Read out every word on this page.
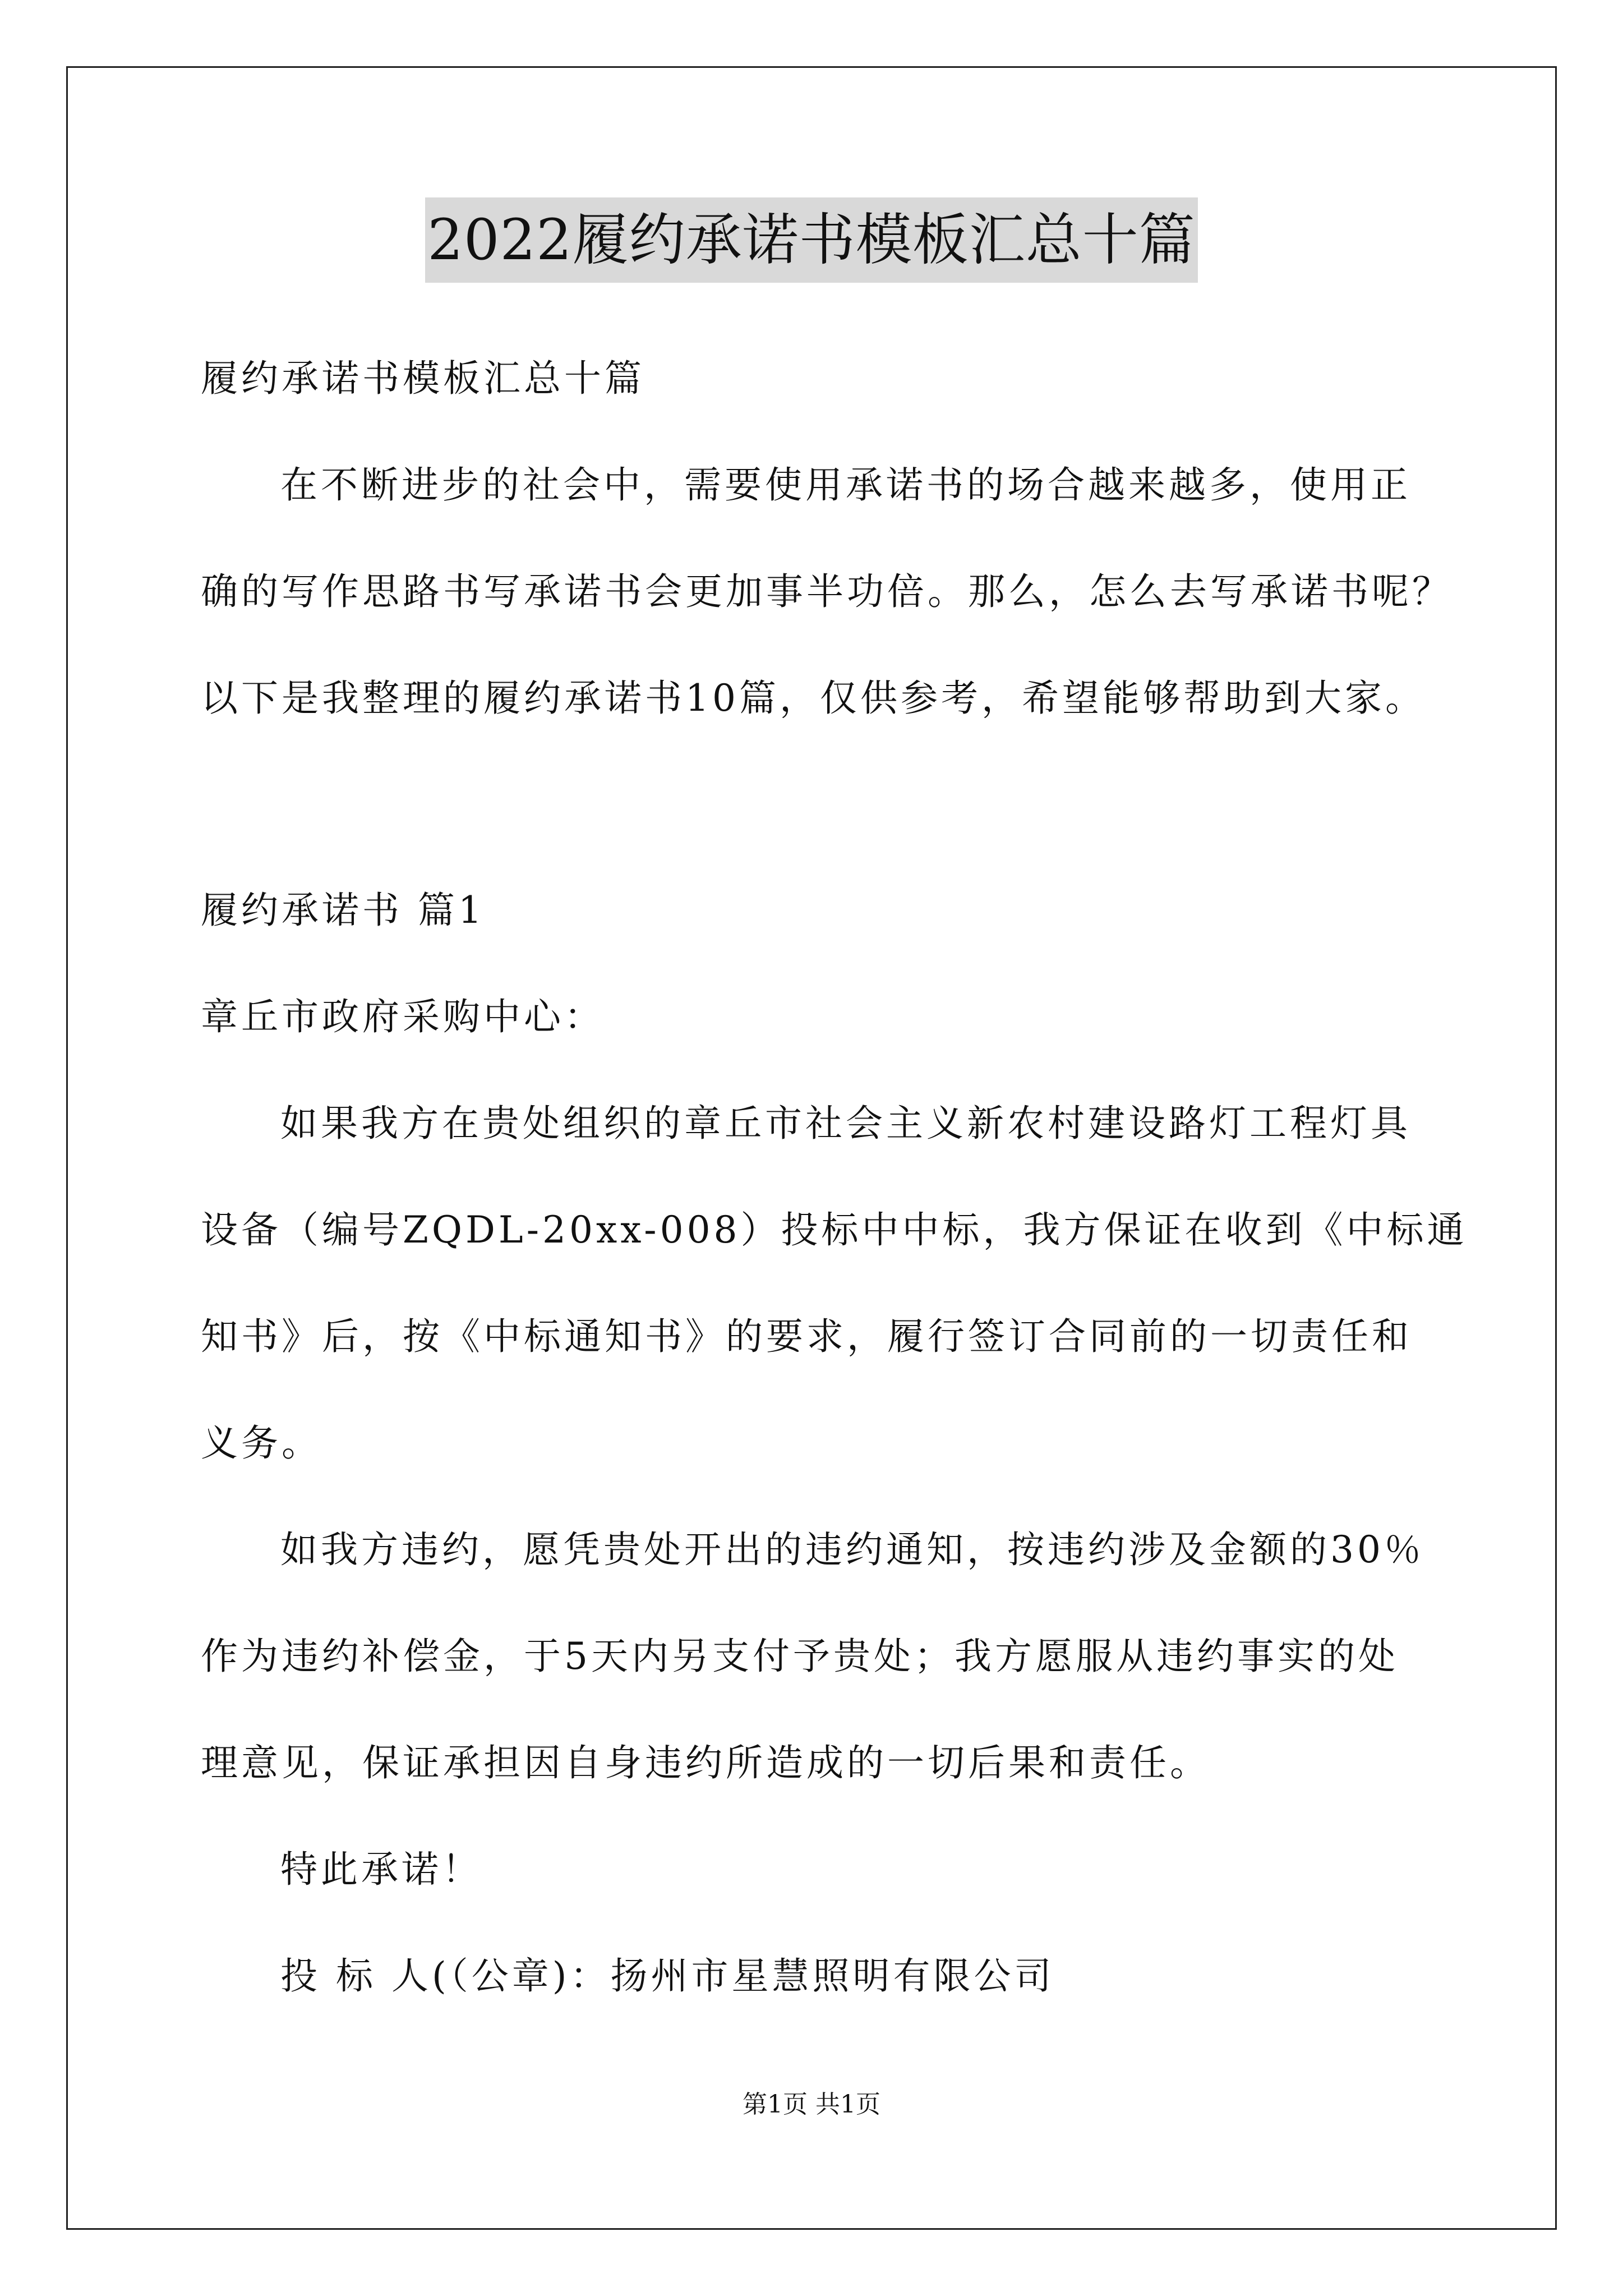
2022履约承诺书模板汇总十篇
履约承诺书模板汇总十篇
在不断进步的社会中，需要使用承诺书的场合越来越多，使用正
确的写作思路书写承诺书会更加事半功倍。那么，怎么去写承诺书呢？
以下是我整理的履约承诺书10篇，仅供参考，希望能够帮助到大家。
履约承诺书 篇1
章丘市政府采购中心：
如果我方在贵处组织的章丘市社会主义新农村建设路灯工程灯具
设备（编号ZQDL-20xx-008）投标中中标，我方保证在收到《中标通
知书》后，按《中标通知书》的要求，履行签订合同前的一切责任和
义务。
如我方违约，愿凭贵处开出的违约通知，按违约涉及金额的30％
作为违约补偿金，于5天内另支付予贵处；我方愿服从违约事实的处
理意见，保证承担因自身违约所造成的一切后果和责任。
特此承诺！
投 标 人(（公章)：扬州市星慧照明有限公司
第1页 共1页
